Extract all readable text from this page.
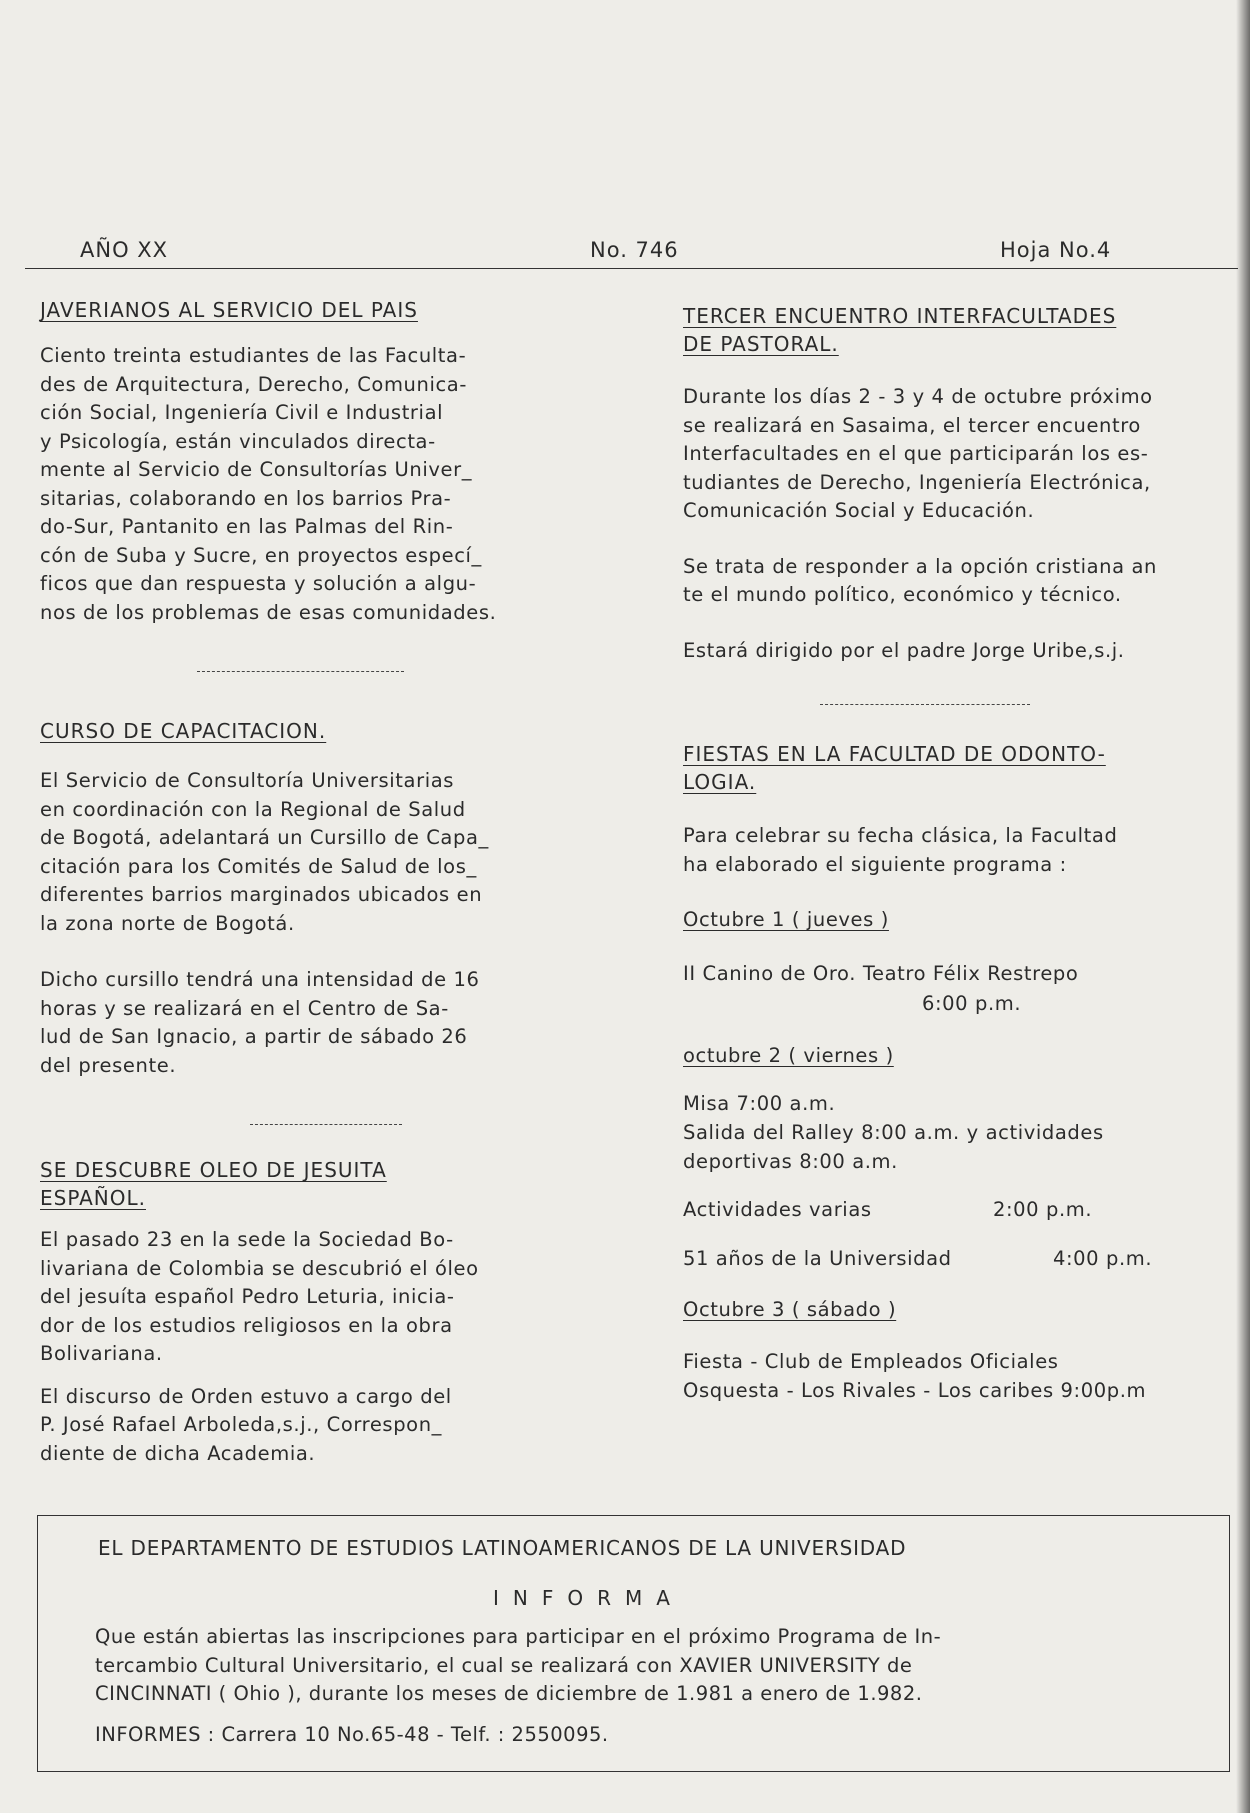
AÑO XX	No. 746	Hoja No.4
JAVERIANOS AL SERVICIO DEL PAIS

Ciento treinta estudiantes de las Faculta-

des de Arquitectura, Derecho, Comunica-

ción Social, Ingeniería Civil e Industrial

y Psicología, están vinculados directa-

mente al Servicio de Consultorías Univer_

sitarias, colaborando en los barrios Pra-

do-Sur, Pantanito en las Palmas del Rin-

cón de Suba y Sucre, en proyectos especí_

ficos que dan respuesta y solución a algu-

nos de los problemas de esas comunidades.

CURSO DE CAPACITACION.

El Servicio de Consultoría Universitarias

en coordinación con la Regional de Salud

de Bogotá, adelantará un Cursillo de Capa_

citación para los Comités de Salud de los_

diferentes barrios marginados ubicados en

la zona norte de Bogotá.

Dicho cursillo tendrá una intensidad de 16

horas y se realizará en el Centro de Sa-

lud de San Ignacio, a partir de sábado 26

del presente.

SE DESCUBRE OLEO DE JESUITA
ESPAÑOL.

El pasado 23 en la sede la Sociedad Bo-

livariana de Colombia se descubrió el óleo

del jesuíta español Pedro Leturia, inicia-

dor de los estudios religiosos en la obra

Bolivariana.

El discurso de Orden estuvo a cargo del

P. José Rafael Arboleda,s.j., Correspon_

diente de dicha Academia.

TERCER ENCUENTRO INTERFACULTADES
DE PASTORAL.

Durante los días 2 - 3 y 4 de octubre próximo

se realizará en Sasaima, el tercer encuentro

Interfacultades en el que participarán los es-

tudiantes de Derecho, Ingeniería Electrónica,

Comunicación Social y Educación.

Se trata de responder a la opción cristiana an

te el mundo político, económico y técnico.

Estará dirigido por el padre Jorge Uribe,s.j.

FIESTAS EN LA FACULTAD DE ODONTO-
LOGIA.

Para celebrar su fecha clásica, la Facultad

ha elaborado el siguiente programa :

Octubre 1 ( jueves )
II Canino de Oro. Teatro Félix Restrepo
6:00 p.m.
octubre 2 ( viernes )
Misa 7:00 a.m.
Salida del Ralley 8:00 a.m. y actividades
deportivas 8:00 a.m.
Actividades varias	2:00 p.m.
51 años de la Universidad	4:00 p.m.
Octubre 3 ( sábado )
Fiesta - Club de Empleados Oficiales
Osquesta - Los Rivales - Los caribes 9:00p.m
EL DEPARTAMENTO DE ESTUDIOS LATINOAMERICANOS DE LA UNIVERSIDAD
INFORMA
Que están abiertas las inscripciones para participar en el próximo Programa de In-
tercambio Cultural Universitario, el cual se realizará con XAVIER UNIVERSITY de
CINCINNATI ( Ohio ), durante los meses de diciembre de 1.981 a enero de 1.982.
INFORMES : Carrera 10 No.65-48 - Telf. : 2550095.
